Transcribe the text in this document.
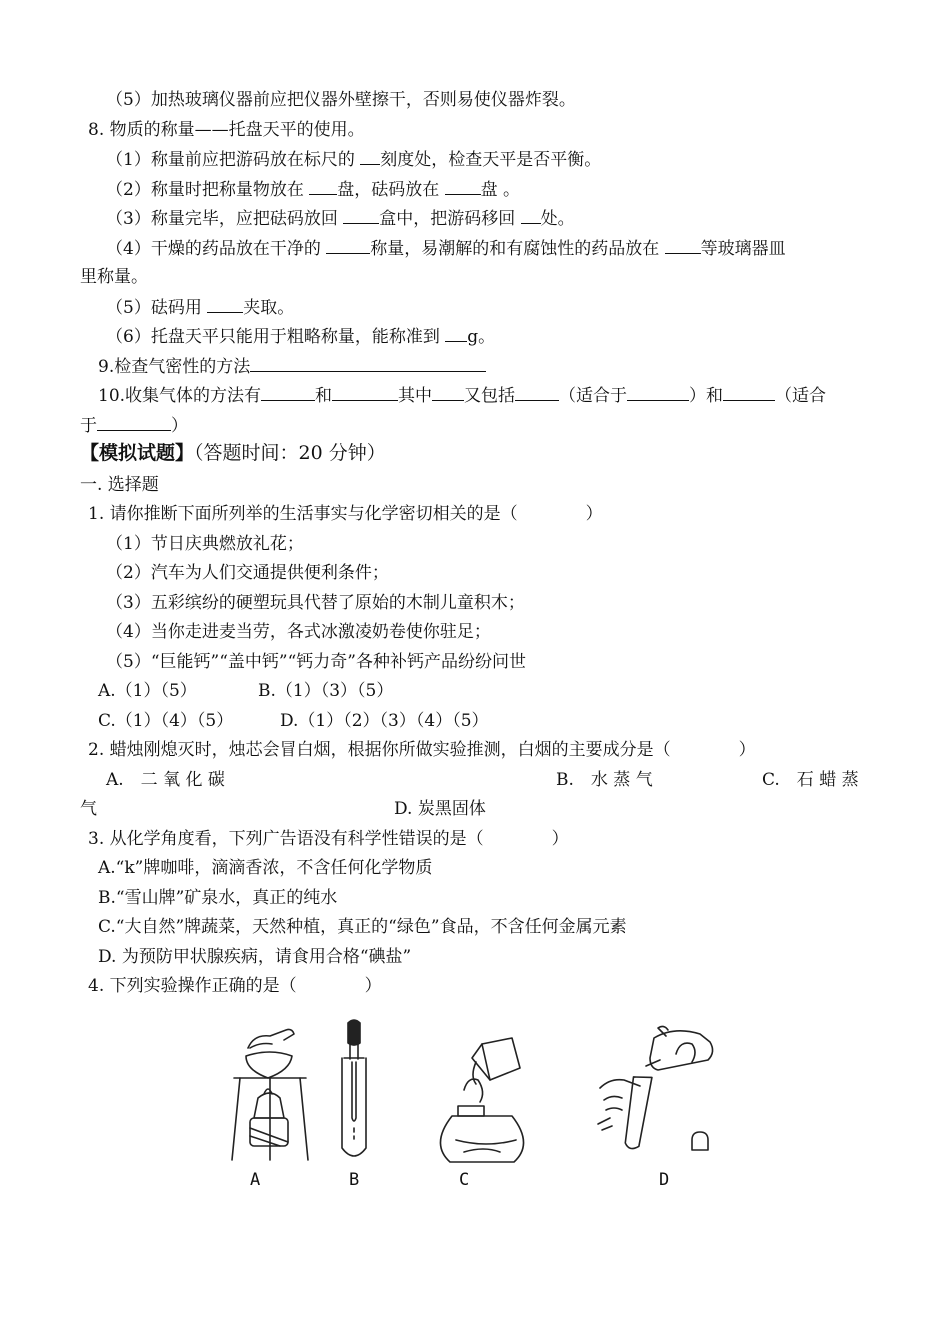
（5）加热玻璃仪器前应把仪器外壁擦干，否则易使仪器炸裂。
8. 物质的称量——托盘天平的使用。
（1）称量前应把游码放在标尺的 刻度处，检查天平是否平衡。
（2）称量时把称量物放在 盘，砝码放在 盘 。
（3）称量完毕，应把砝码放回 盒中，把游码移回 处。
（4）干燥的药品放在干净的	称量，易潮解的和有腐蚀性的药品放在 等玻璃器皿
里称量。
（5）砝码用 夹取。
（6）托盘天平只能用于粗略称量，能称准到 g。
9.检查气密性的方法
10.收集气体的方法有	和	其中 又包括	（适合于	）和	（适合
于	）
【模拟试题】（答题时间：20 分钟）
一. 选择题
1. 请你推断下面所列举的生活事实与化学密切相关的是（　　　　）
（1）节日庆典燃放礼花；
（2）汽车为人们交通提供便利条件；
（3）五彩缤纷的硬塑玩具代替了原始的木制儿童积木；
（4）当你走进麦当劳，各式冰激凌奶卷使你驻足；
（5）“巨能钙”“盖中钙”“钙力奇”各种补钙产品纷纷问世
A.（1）（5）	B.（1）（3）（5）
C.（1）（4）（5）	D.（1）（2）（3）（4）（5）
2. 蜡烛刚熄灭时，烛芯会冒白烟，根据你所做实验推测，白烟的主要成分是（　　　　）
A.　二 氧 化 碳	B.　水 蒸 气	C.　石 蜡 蒸
气	D. 炭黑固体
3. 从化学角度看，下列广告语没有科学性错误的是（　　　　）
A.“k”牌咖啡，滴滴香浓，不含任何化学物质
B.“雪山牌”矿泉水，真正的纯水
C.“大自然”牌蔬菜，天然种植，真正的“绿色”食品，不含任何金属元素
D. 为预防甲状腺疾病，请食用合格“碘盐”
4. 下列实验操作正确的是（　　　　）
A	B	C	D
